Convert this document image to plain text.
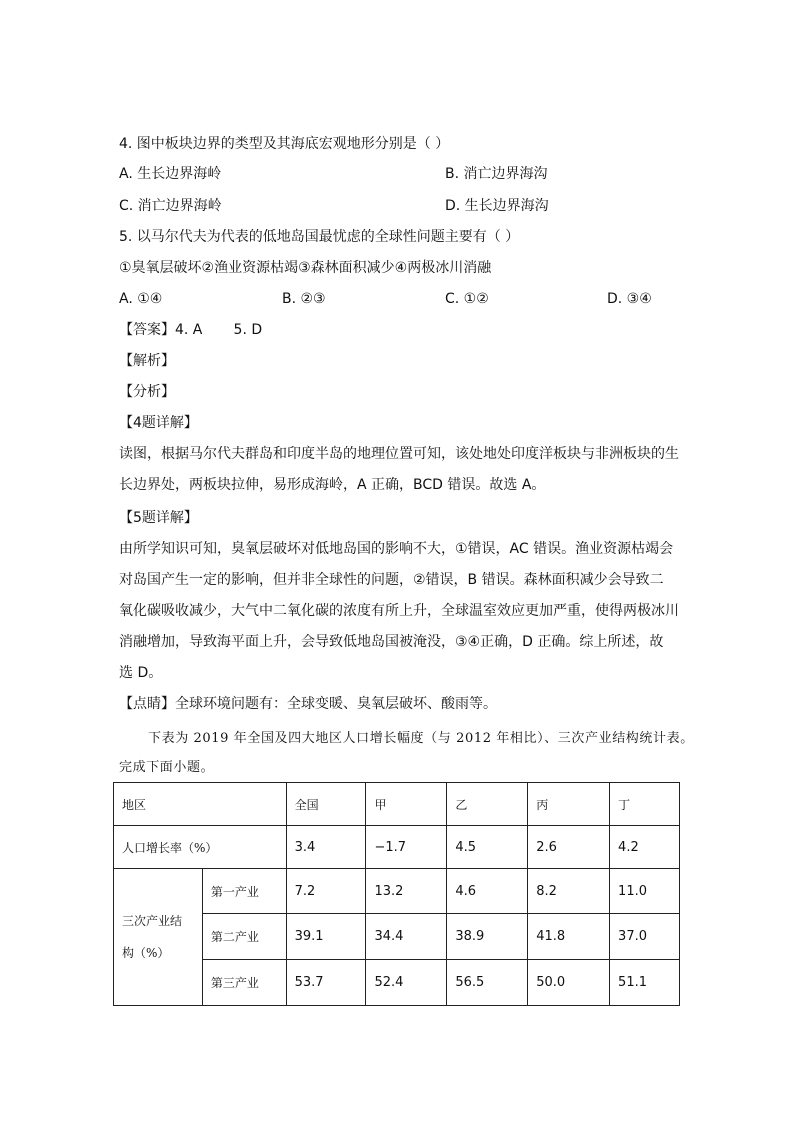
4. 图中板块边界的类型及其海底宏观地形分别是（ ）
A. 生长边界海岭	B. 消亡边界海沟
C. 消亡边界海岭	D. 生长边界海沟
5. 以马尔代夫为代表的低地岛国最忧虑的全球性问题主要有（ ）
①臭氧层破坏②渔业资源枯竭③森林面积减少④两极冰川消融
A. ①④	B. ②③	C. ①②	D. ③④
【答案】4. A       5. D
【解析】
【分析】
【4题详解】
读图，根据马尔代夫群岛和印度半岛的地理位置可知，该处地处印度洋板块与非洲板块的生
长边界处，两板块拉伸，易形成海岭，A 正确，BCD 错误。故选 A。
【5题详解】
由所学知识可知，臭氧层破坏对低地岛国的影响不大，①错误，AC 错误。渔业资源枯竭会
对岛国产生一定的影响，但并非全球性的问题，②错误，B 错误。森林面积减少会导致二
氧化碳吸收减少，大气中二氧化碳的浓度有所上升，全球温室效应更加严重，使得两极冰川
消融增加，导致海平面上升，会导致低地岛国被淹没，③④正确，D 正确。综上所述，故
选 D。
【点睛】全球环境问题有：全球变暖、臭氧层破坏、酸雨等。
下表为 2019 年全国及四大地区人口增长幅度（与 2012 年相比）、三次产业结构统计表。
完成下面小题。
地区		全国	甲	乙	丙	丁
人口增长率（%）		3.4	−1.7	4.5	2.6	4.2

三次产业结
构（%）	第一产业	7.2	13.2	4.6	8.2	11.0
	第二产业	39.1	34.4	38.9	41.8	37.0
	第三产业	53.7	52.4	56.5	50.0	51.1
